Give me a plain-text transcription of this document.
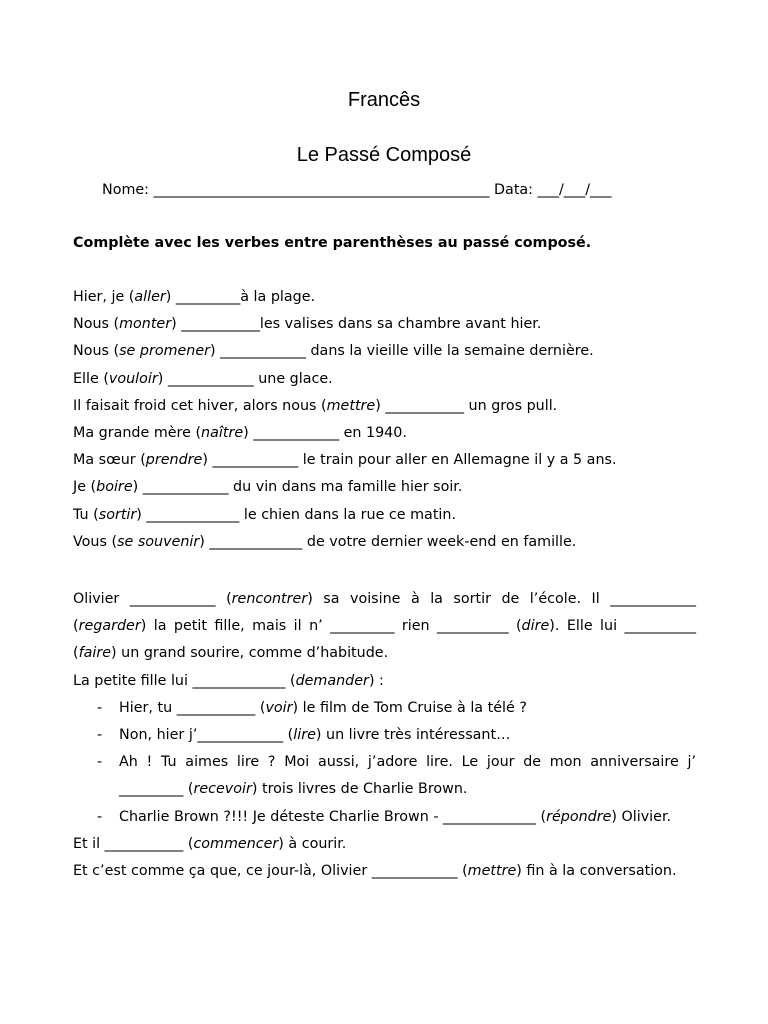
Francês
Le Passé Composé
Nome: _______________________________________________ Data: ___/___/___
Complète avec les verbes entre parenthèses au passé composé.
Hier, je (aller) _________à la plage.
Nous (monter) ___________les valises dans sa chambre avant hier.
Nous (se promener) ____________ dans la vieille ville la semaine dernière.
Elle (vouloir) ____________ une glace.
Il faisait froid cet hiver, alors nous (mettre) ___________ un gros pull.
Ma grande mère (naître) ____________ en 1940.
Ma sœur (prendre) ____________ le train pour aller en Allemagne il y a 5 ans.
Je (boire) ____________ du vin dans ma famille hier soir.
Tu (sortir) _____________ le chien dans la rue ce matin.
Vous (se souvenir) _____________ de votre dernier week-end en famille.

Olivier ____________ (rencontrer) sa voisine à la sortir de l’école. Il ____________ (regarder) la petit fille, mais il n’ _________ rien __________ (dire). Elle lui __________ (faire) un grand sourire, comme d’habitude.

La petite fille lui _____________ (demander) :

- Hier, tu ___________ (voir) le film de Tom Cruise à la télé ?
- Non, hier j’____________ (lire) un livre très intéressant…
- Ah ! Tu aimes lire ? Moi aussi, j’adore lire. Le jour de mon anniversaire j’ _________ (recevoir) trois livres de Charlie Brown.
- Charlie Brown ?!!! Je déteste Charlie Brown - _____________ (répondre) Olivier.

Et il ___________ (commencer) à courir.

Et c’est comme ça que, ce jour-là, Olivier ____________ (mettre) fin à la conversation.
